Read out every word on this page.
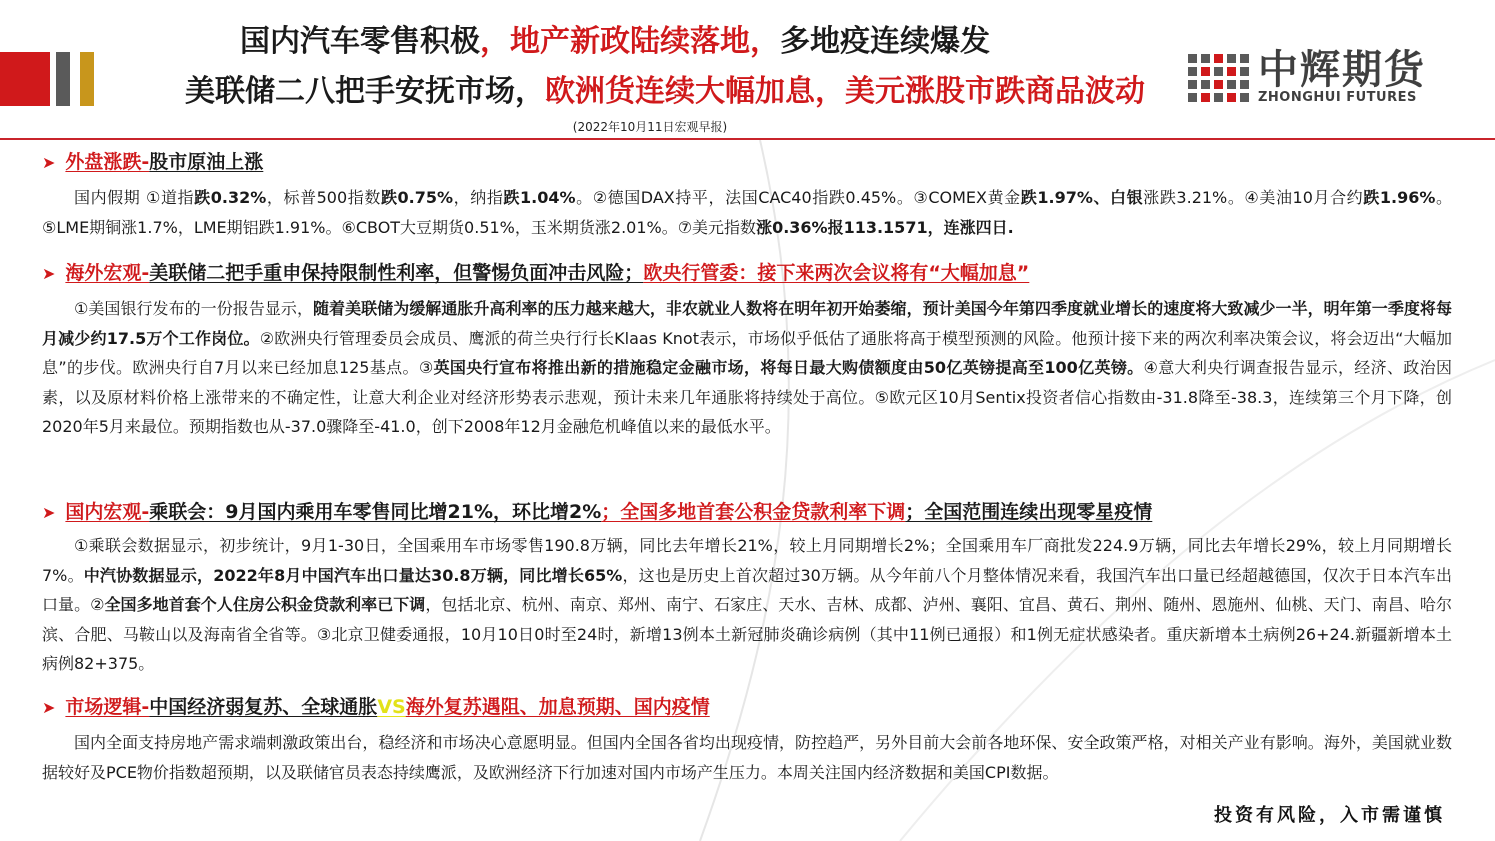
国内汽车零售积极，地产新政陆续落地，多地疫连续爆发
美联储二八把手安抚市场，欧洲货连续大幅加息，美元涨股市跌商品波动
(2022年10月11日宏观早报)
中辉期货
ZHONGHUI FUTURES
➤ 外盘涨跌-股市原油上涨
国内假期 ①道指跌0.32%，标普500指数跌0.75%，纳指跌1.04%。②德国DAX持平，法国CAC40指跌0.45%。③COMEX黄金跌1.97%、白银涨跌3.21%。④美油10月合约跌1.96%。⑤LME期铜涨1.7%，LME期铝跌1.91%。⑥CBOT大豆期货0.51%，玉米期货涨2.01%。⑦美元指数涨0.36%报113.1571，连涨四日.
➤ 海外宏观-美联储二把手重申保持限制性利率，但警惕负面冲击风险；欧央行管委：接下来两次会议将有“大幅加息”
①美国银行发布的一份报告显示，随着美联储为缓解通胀升高利率的压力越来越大，非农就业人数将在明年初开始萎缩，预计美国今年第四季度就业增长的速度将大致减少一半，明年第一季度将每月减少约17.5万个工作岗位。②欧洲央行管理委员会成员、鹰派的荷兰央行行长Klaas Knot表示，市场似乎低估了通胀将高于模型预测的风险。他预计接下来的两次利率决策会议，将会迈出“大幅加息”的步伐。欧洲央行自7月以来已经加息125基点。③英国央行宣布将推出新的措施稳定金融市场，将每日最大购债额度由50亿英镑提高至100亿英镑。④意大利央行调查报告显示，经济、政治因素，以及原材料价格上涨带来的不确定性，让意大利企业对经济形势表示悲观，预计未来几年通胀将持续处于高位。⑤欧元区10月Sentix投资者信心指数由-31.8降至-38.3，连续第三个月下降，创2020年5月来最位。预期指数也从-37.0骤降至-41.0，创下2008年12月金融危机峰值以来的最低水平。
➤ 国内宏观-乘联会：9月国内乘用车零售同比增21%，环比增2%；全国多地首套公积金贷款利率下调；全国范围连续出现零星疫情
①乘联会数据显示，初步统计，9月1-30日，全国乘用车市场零售190.8万辆，同比去年增长21%，较上月同期增长2%；全国乘用车厂商批发224.9万辆，同比去年增长29%，较上月同期增长7%。中汽协数据显示，2022年8月中国汽车出口量达30.8万辆，同比增长65%，这也是历史上首次超过30万辆。从今年前八个月整体情况来看，我国汽车出口量已经超越德国，仅次于日本汽车出口量。②全国多地首套个人住房公积金贷款利率已下调，包括北京、杭州、南京、郑州、南宁、石家庄、天水、吉林、成都、泸州、襄阳、宜昌、黄石、荆州、随州、恩施州、仙桃、天门、南昌、哈尔滨、合肥、马鞍山以及海南省全省等。③北京卫健委通报，10月10日0时至24时，新增13例本土新冠肺炎确诊病例（其中11例已通报）和1例无症状感染者。重庆新增本土病例26+24.新疆新增本土病例82+375。
➤ 市场逻辑-中国经济弱复苏、全球通胀VS海外复苏遇阻、加息预期、国内疫情
国内全面支持房地产需求端刺激政策出台，稳经济和市场决心意愿明显。但国内全国各省均出现疫情，防控趋严，另外目前大会前各地环保、安全政策严格，对相关产业有影响。海外，美国就业数据较好及PCE物价指数超预期，以及联储官员表态持续鹰派，及欧洲经济下行加速对国内市场产生压力。本周关注国内经济数据和美国CPI数据。
投资有风险，入市需谨慎
